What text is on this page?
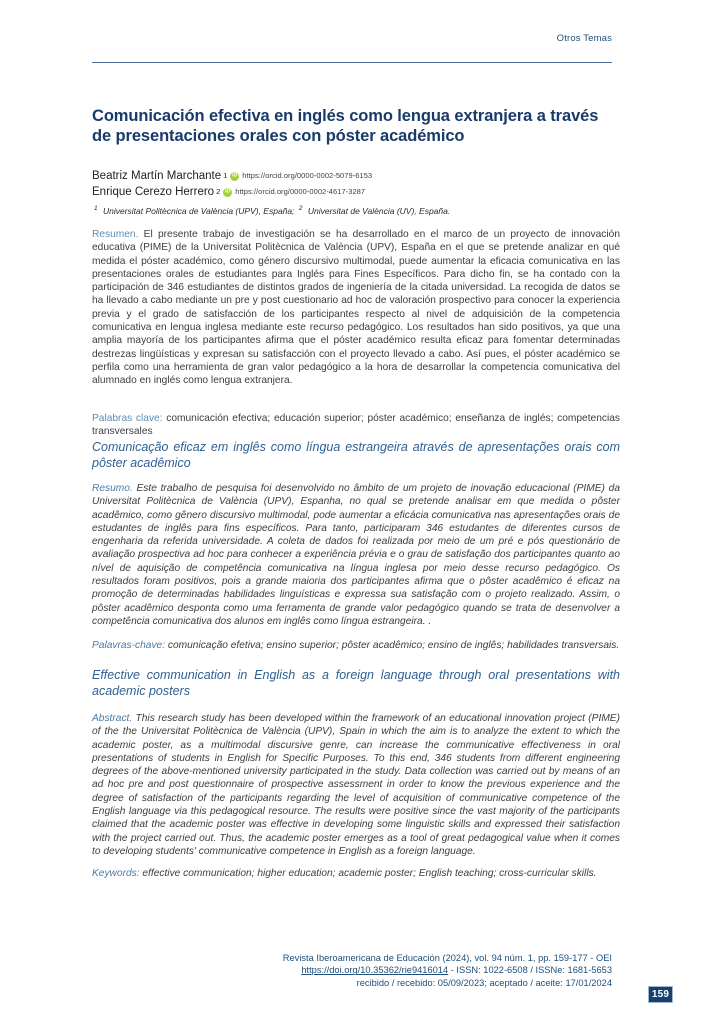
Otros Temas
Comunicación efectiva en inglés como lengua extranjera a través de presentaciones orales con póster académico
Beatriz Martín Marchante 1 iD https://orcid.org/0000-0002-5079-6153
Enrique Cerezo Herrero 2 iD https://orcid.org/0000-0002-4617-3287
$^1$ Universitat Politècnica de València (UPV), España; $^2$ Universitat de València (UV), España.

Resumen. El presente trabajo de investigación se ha desarrollado en el marco de un proyecto de innovación educativa (PIME) de la Universitat Politècnica de València (UPV), España en el que se pretende analizar en qué medida el póster académico, como género discursivo multimodal, puede aumentar la eficacia comunicativa en las presentaciones orales de estudiantes para Inglés para Fines Específicos. Para dicho fin, se ha contado con la participación de 346 estudiantes de distintos grados de ingeniería de la citada universidad. La recogida de datos se ha llevado a cabo mediante un pre y post cuestionario ad hoc de valoración prospectivo para conocer la experiencia previa y el grado de satisfacción de los participantes respecto al nivel de adquisición de la competencia comunicativa en lengua inglesa mediante este recurso pedagógico. Los resultados han sido positivos, ya que una amplia mayoría de los participantes afirma que el póster académico resulta eficaz para fomentar determinadas destrezas lingüísticas y expresan su satisfacción con el proyecto llevado a cabo. Así pues, el póster académico se perfila como una herramienta de gran valor pedagógico a la hora de desarrollar la competencia comunicativa del alumnado en inglés como lengua extranjera.

Palabras clave: comunicación efectiva; educación superior; póster académico; enseñanza de inglés; competencias transversales

Comunicação eficaz em inglês como língua estrangeira através de apresentações orais com pôster acadêmico

Resumo. Este trabalho de pesquisa foi desenvolvido no âmbito de um projeto de inovação educacional (PIME) da Universitat Politècnica de València (UPV), Espanha, no qual se pretende analisar em que medida o pôster acadêmico, como gênero discursivo multimodal, pode aumentar a eficácia comunicativa nas apresentações orais de estudantes de inglês para fins específicos. Para tanto, participaram 346 estudantes de diferentes cursos de engenharia da referida universidade. A coleta de dados foi realizada por meio de um pré e pós questionário de avaliação prospectiva ad hoc para conhecer a experiência prévia e o grau de satisfação dos participantes quanto ao nível de aquisição de competência comunicativa na língua inglesa por meio desse recurso pedagógico. Os resultados foram positivos, pois a grande maioria dos participantes afirma que o pôster acadêmico é eficaz na promoção de determinadas habilidades linguísticas e expressa sua satisfação com o projeto realizado. Assim, o pôster acadêmico desponta como uma ferramenta de grande valor pedagógico quando se trata de desenvolver a competência comunicativa dos alunos em inglês como língua estrangeira. .

Palavras-chave: comunicação efetiva; ensino superior; pôster acadêmico; ensino de inglês; habilidades transversais.

Effective communication in English as a foreign language through oral presentations with academic posters

Abstract. This research study has been developed within the framework of an educational innovation project (PIME) of the the Universitat Politècnica de València (UPV), Spain in which the aim is to analyze the extent to which the academic poster, as a multimodal discursive genre, can increase the communicative effectiveness in oral presentations of students in English for Specific Purposes. To this end, 346 students from different engineering degrees of the above-mentioned university participated in the study. Data collection was carried out by means of an ad hoc pre and post questionnaire of prospective assessment in order to know the previous experience and the degree of satisfaction of the participants regarding the level of acquisition of communicative competence of the English language via this pedagogical resource. The results were positive since the vast majority of the participants claimed that the academic poster was effective in developing some linguistic skills and expressed their satisfaction with the project carried out. Thus, the academic poster emerges as a tool of great pedagogical value when it comes to developing students' communicative competence in English as a foreign language.

Keywords: effective communication; higher education; academic poster; English teaching; cross-curricular skills.

Revista Iberoamericana de Educación (2024), vol. 94 núm. 1, pp. 159-177 - OEI
https://doi.org/10.35362/rie9416014 - ISSN: 1022-6508 / ISSNe: 1681-5653
recibido / recebido: 05/09/2023; aceptado / aceite: 17/01/2024
159
